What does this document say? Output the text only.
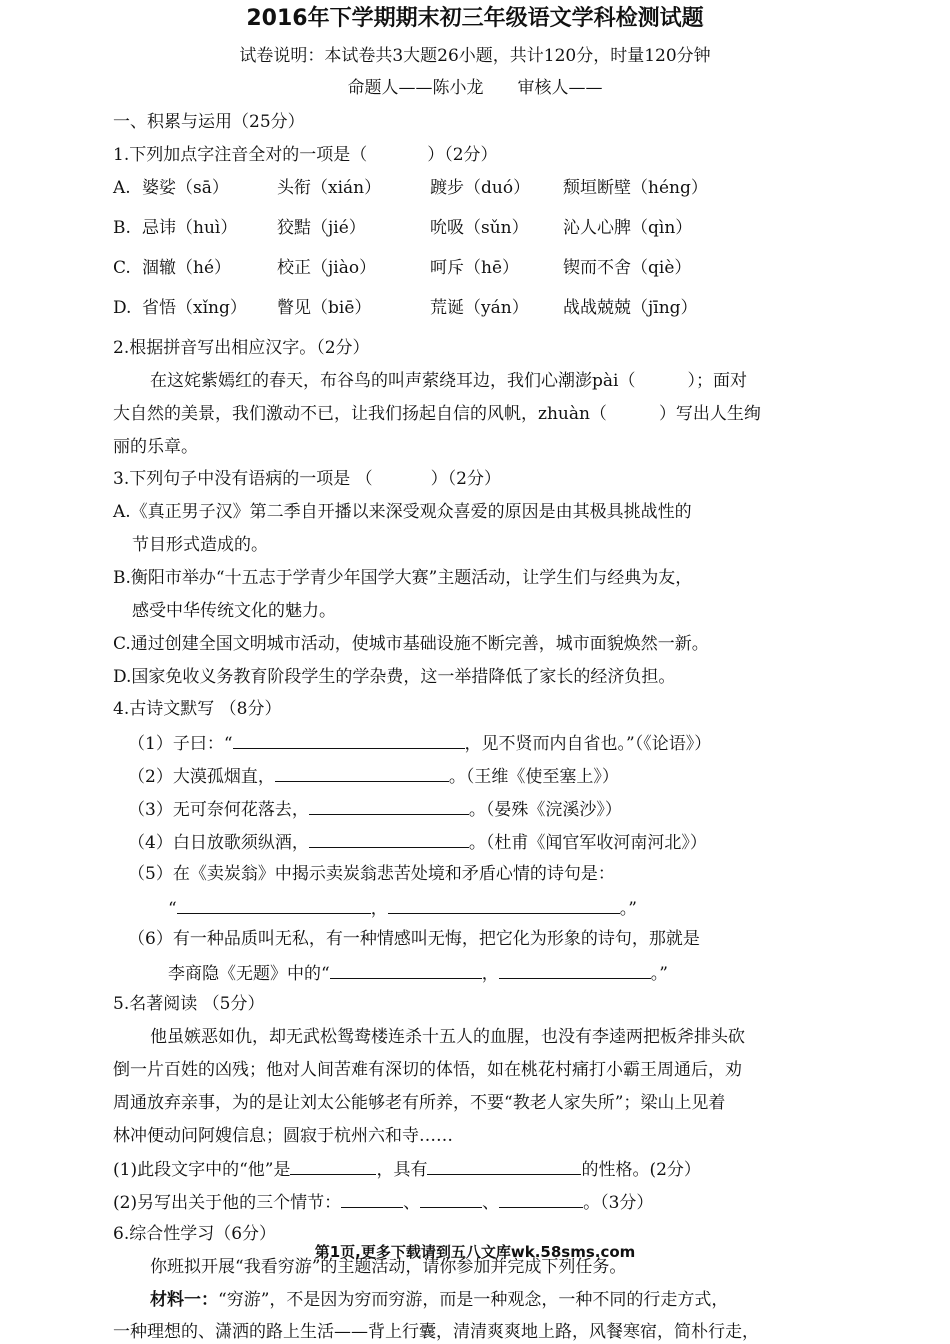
2016年下学期期末初三年级语文学科检测试题
试卷说明：本试卷共3大题26小题，共计120分，时量120分钟
命题人——陈小龙　　审核人——
一、积累与运用（25分）
1.下列加点字注音全对的一项是（	）（2分）
A. 婆娑（sā）	头衔（xián）	踱步（duó） 颓垣断壁（héng）
B. 忌讳（huì） 狡黠（jié）	吮吸（sǔn） 沁人心脾（qìn）
C. 涸辙（hé）	校正（jiào）	呵斥（hē）	锲而不舍（qiè）
D. 省悟（xǐng） 瞥见（biē）	荒诞（yán） 战战兢兢（jīng）
2.根据拼音写出相应汉字。（2分）
在这姹紫嫣红的春天，布谷鸟的叫声萦绕耳边，我们心潮澎pài（	）；面对
大自然的美景，我们激动不已，让我们扬起自信的风帆，zhuàn（	）写出人生绚
丽的乐章。
3.下列句子中没有语病的一项是 （	）（2分）
A.《真正男子汉》第二季自开播以来深受观众喜爱的原因是由其极具挑战性的
节目形式造成的。
B.衡阳市举办“十五志于学青少年国学大赛”主题活动，让学生们与经典为友，
感受中华传统文化的魅力。
C.通过创建全国文明城市活动，使城市基础设施不断完善，城市面貌焕然一新。
D.国家免收义务教育阶段学生的学杂费，这一举措降低了家长的经济负担。
4.古诗文默写 （8分）
（1）子曰：“	，见不贤而内自省也。”（《论语》）
（2）大漠孤烟直，	。（王维《使至塞上》）
（3）无可奈何花落去，	。（晏殊《浣溪沙》）
（4）白日放歌须纵酒，	。（杜甫《闻官军收河南河北》）
（5）在《卖炭翁》中揭示卖炭翁悲苦处境和矛盾心情的诗句是：
“	，	。”
（6）有一种品质叫无私，有一种情感叫无悔，把它化为形象的诗句，那就是
李商隐《无题》中的“	，	。”
5.名著阅读 （5分）
他虽嫉恶如仇，却无武松鸳鸯楼连杀十五人的血腥，也没有李逵两把板斧排头砍
倒一片百姓的凶残；他对人间苦难有深切的体悟，如在桃花村痛打小霸王周通后，劝
周通放弃亲事，为的是让刘太公能够老有所养，不要“教老人家失所”；梁山上见着
林冲便动问阿嫂信息；圆寂于杭州六和寺……
(1)此段文字中的“他”是	，具有	的性格。(2分）
(2)另写出关于他的三个情节：	、	、	。（3分）
6.综合性学习（6分）
第1页,更多下载请到五八文库wk.58sms.com
你班拟开展“我看穷游”的主题活动，请你参加并完成下列任务。
材料一：“穷游”，不是因为穷而穷游，而是一种观念，一种不同的行走方式，
一种理想的、潇洒的路上生活——背上行囊，清清爽爽地上路，风餐寒宿，简朴行走，
